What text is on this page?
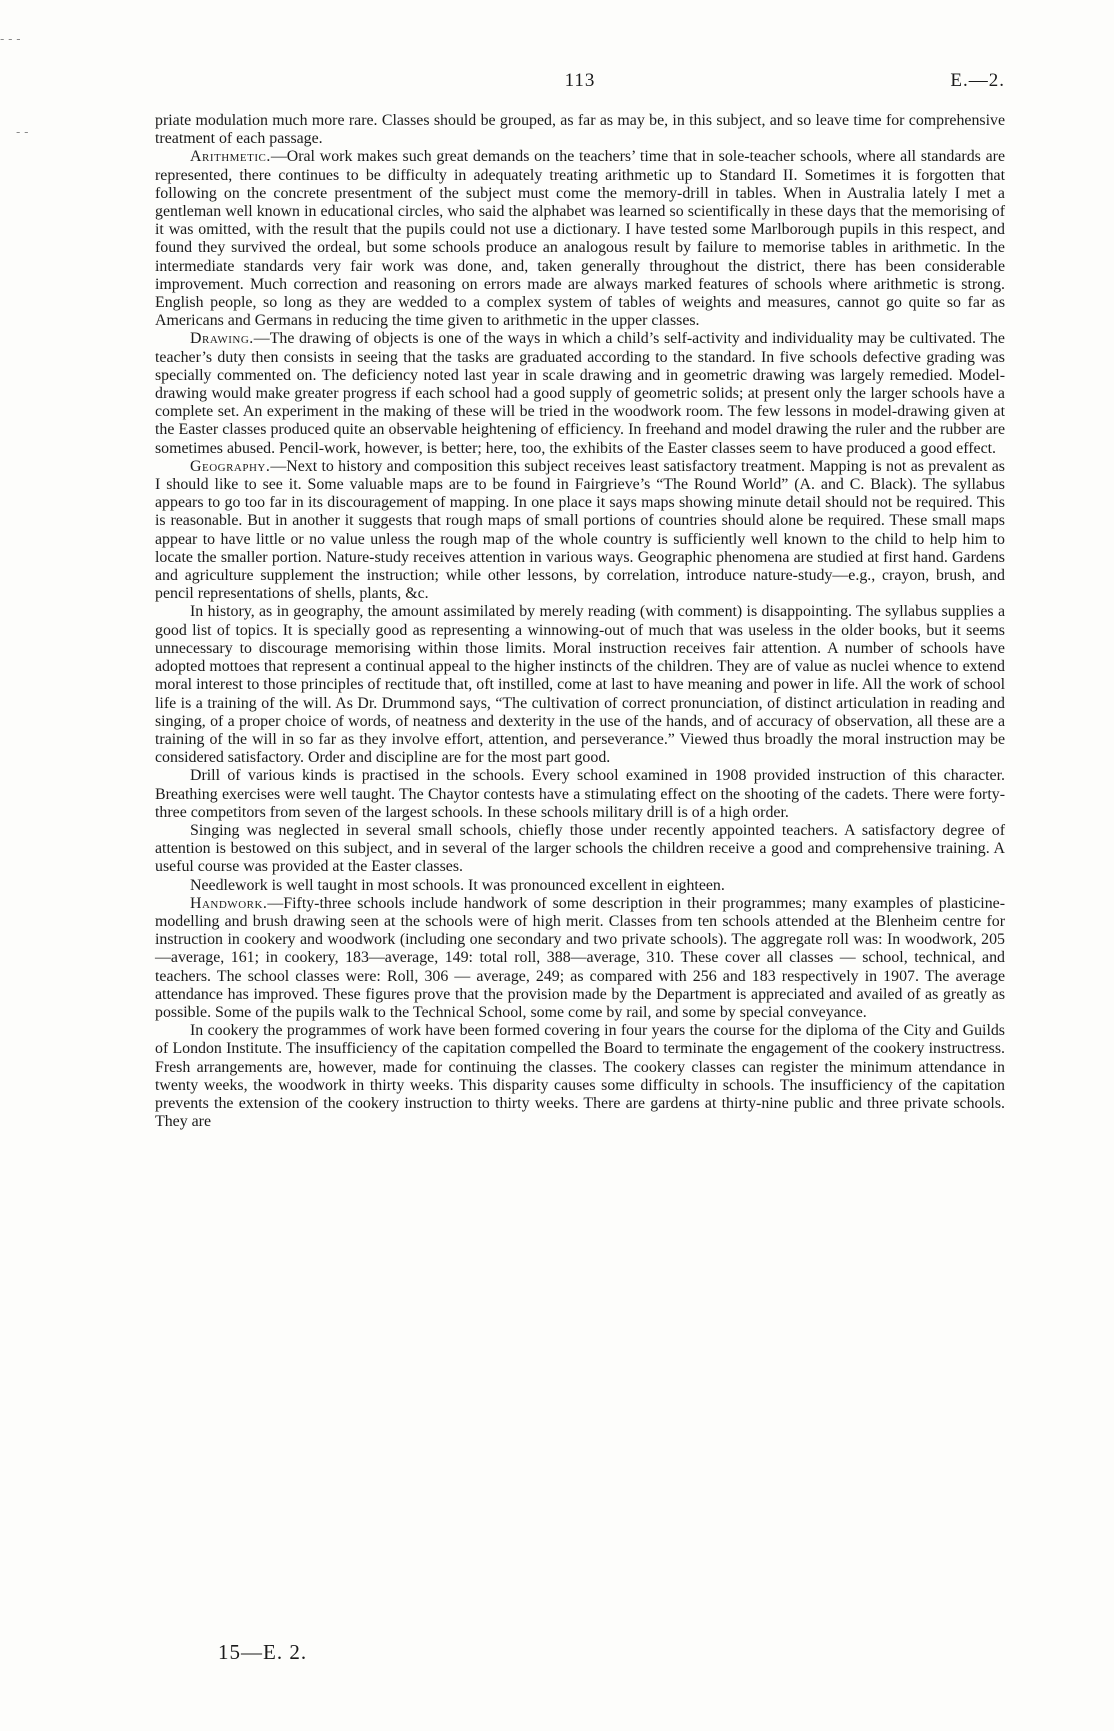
‐ ‐ ‐
‐ ‐
113	E.—2.

priate modulation much more rare. Classes should be grouped, as far as may be, in this subject, and so leave time for comprehensive treatment of each passage.

Arithmetic.—Oral work makes such great demands on the teachers’ time that in sole-teacher schools, where all standards are represented, there continues to be difficulty in adequately treating arithmetic up to Standard II. Sometimes it is forgotten that following on the concrete presentment of the subject must come the memory-drill in tables. When in Australia lately I met a gentleman well known in educational circles, who said the alphabet was learned so scientifically in these days that the memorising of it was omitted, with the result that the pupils could not use a dictionary. I have tested some Marlborough pupils in this respect, and found they survived the ordeal, but some schools produce an analogous result by failure to memorise tables in arithmetic. In the intermediate standards very fair work was done, and, taken generally throughout the district, there has been considerable improvement. Much correction and reasoning on errors made are always marked features of schools where arithmetic is strong. English people, so long as they are wedded to a complex system of tables of weights and measures, cannot go quite so far as Americans and Germans in reducing the time given to arithmetic in the upper classes.

Drawing.—The drawing of objects is one of the ways in which a child’s self-activity and individuality may be cultivated. The teacher’s duty then consists in seeing that the tasks are graduated according to the standard. In five schools defective grading was specially commented on. The deficiency noted last year in scale drawing and in geometric drawing was largely remedied. Model-drawing would make greater progress if each school had a good supply of geometric solids; at present only the larger schools have a complete set. An experiment in the making of these will be tried in the woodwork room. The few lessons in model-drawing given at the Easter classes produced quite an observable heightening of efficiency. In freehand and model drawing the ruler and the rubber are sometimes abused. Pencil-work, however, is better; here, too, the exhibits of the Easter classes seem to have produced a good effect.

Geography.—Next to history and composition this subject receives least satisfactory treatment. Mapping is not as prevalent as I should like to see it. Some valuable maps are to be found in Fairgrieve’s “The Round World” (A. and C. Black). The syllabus appears to go too far in its discouragement of mapping. In one place it says maps showing minute detail should not be required. This is reasonable. But in another it suggests that rough maps of small portions of countries should alone be required. These small maps appear to have little or no value unless the rough map of the whole country is sufficiently well known to the child to help him to locate the smaller portion. Nature-study receives attention in various ways. Geographic phenomena are studied at first hand. Gardens and agriculture supplement the instruction; while other lessons, by correlation, introduce nature-study—e.g., crayon, brush, and pencil representations of shells, plants, &c.

In history, as in geography, the amount assimilated by merely reading (with comment) is disappointing. The syllabus supplies a good list of topics. It is specially good as representing a winnowing-out of much that was useless in the older books, but it seems unnecessary to discourage memorising within those limits. Moral instruction receives fair attention. A number of schools have adopted mottoes that represent a continual appeal to the higher instincts of the children. They are of value as nuclei whence to extend moral interest to those principles of rectitude that, oft instilled, come at last to have meaning and power in life. All the work of school life is a training of the will. As Dr. Drummond says, “The cultivation of correct pronunciation, of distinct articulation in reading and singing, of a proper choice of words, of neatness and dexterity in the use of the hands, and of accuracy of observation, all these are a training of the will in so far as they involve effort, attention, and perseverance.” Viewed thus broadly the moral instruction may be considered satisfactory. Order and discipline are for the most part good.

Drill of various kinds is practised in the schools. Every school examined in 1908 provided instruction of this character. Breathing exercises were well taught. The Chaytor contests have a stimulating effect on the shooting of the cadets. There were forty-three competitors from seven of the largest schools. In these schools military drill is of a high order.

Singing was neglected in several small schools, chiefly those under recently appointed teachers. A satisfactory degree of attention is bestowed on this subject, and in several of the larger schools the children receive a good and comprehensive training. A useful course was provided at the Easter classes.

Needlework is well taught in most schools. It was pronounced excellent in eighteen.

Handwork.—Fifty-three schools include handwork of some description in their programmes; many examples of plasticine-modelling and brush drawing seen at the schools were of high merit. Classes from ten schools attended at the Blenheim centre for instruction in cookery and woodwork (including one secondary and two private schools). The aggregate roll was: In woodwork, 205—average, 161; in cookery, 183—average, 149: total roll, 388—average, 310. These cover all classes — school, technical, and teachers. The school classes were: Roll, 306 — average, 249; as compared with 256 and 183 respectively in 1907. The average attendance has improved. These figures prove that the provision made by the Department is appreciated and availed of as greatly as possible. Some of the pupils walk to the Technical School, some come by rail, and some by special conveyance.

In cookery the programmes of work have been formed covering in four years the course for the diploma of the City and Guilds of London Institute. The insufficiency of the capitation compelled the Board to terminate the engagement of the cookery instructress. Fresh arrangements are, however, made for continuing the classes. The cookery classes can register the minimum attendance in twenty weeks, the woodwork in thirty weeks. This disparity causes some difficulty in schools. The insufficiency of the capitation prevents the extension of the cookery instruction to thirty weeks. There are gardens at thirty-nine public and three private schools. They are

15—E. 2.
